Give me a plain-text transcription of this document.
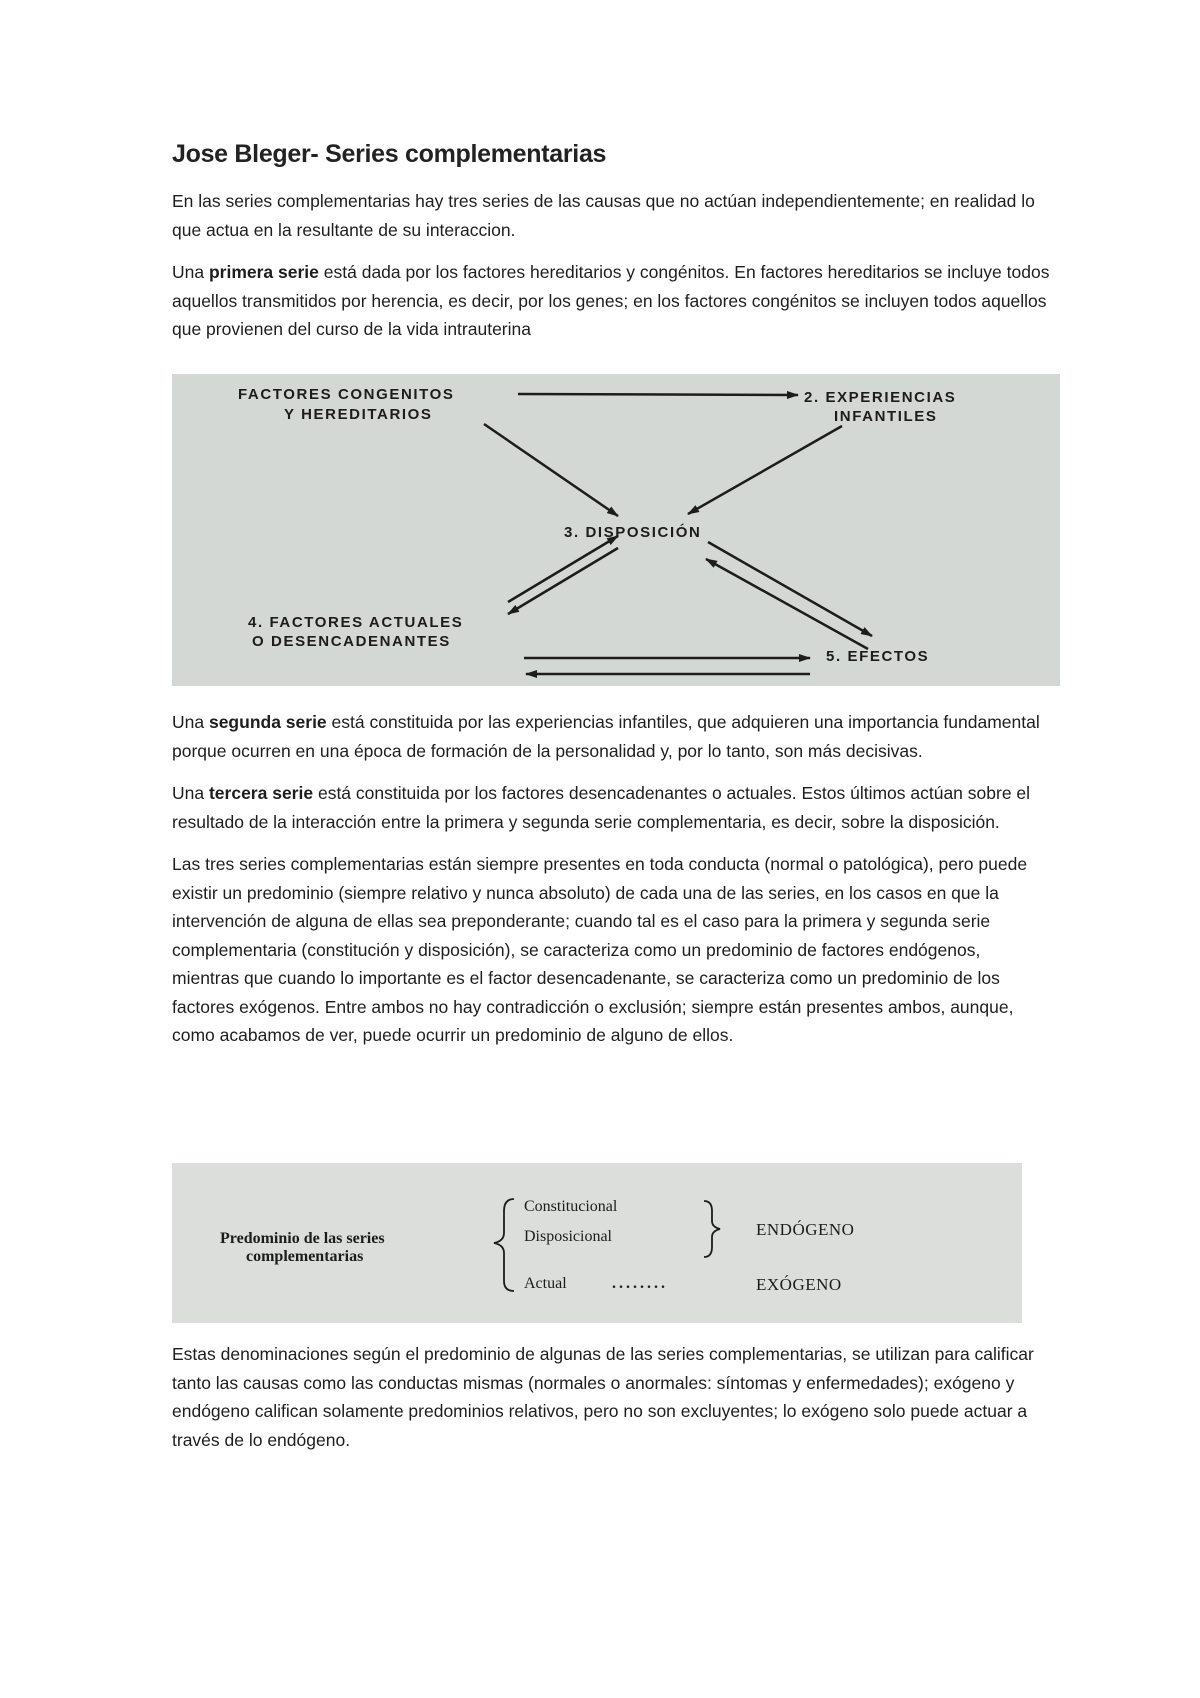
Jose Bleger- Series complementarias

En las series complementarias hay tres series de las causas que no actúan independientemente; en realidad lo que actua en la resultante de su interaccion.

Una primera serie está dada por los factores hereditarios y congénitos. En factores hereditarios se incluye todos aquellos transmitidos por herencia, es decir, por los genes; en los factores congénitos se incluyen todos aquellos que provienen del curso de la vida intrauterina

FACTORES CONGENITOS
Y HEREDITARIOS
2. EXPERIENCIAS
INFANTILES
3. DISPOSICIÓN
4. FACTORES ACTUALES
O DESENCADENANTES
5. EFECTOS

Una segunda serie está constituida por las experiencias infantiles, que adquieren una importancia fundamental porque ocurren en una época de formación de la personalidad y, por lo tanto, son más decisivas.

Una tercera serie está constituida por los factores desencadenantes o actuales. Estos últimos actúan sobre el resultado de la interacción entre la primera y segunda serie complementaria, es decir, sobre la disposición.

Las tres series complementarias están siempre presentes en toda conducta (normal o patológica), pero puede existir un predominio (siempre relativo y nunca absoluto) de cada una de las series, en los casos en que la intervención de alguna de ellas sea preponderante; cuando tal es el caso para la primera y segunda serie complementaria (constitución y disposición), se caracteriza como un predominio de factores endógenos, mientras que cuando lo importante es el factor desencadenante, se caracteriza como un predominio de los factores exógenos. Entre ambos no hay contradicción o exclusión; siempre están presentes ambos, aunque, como acabamos de ver, puede ocurrir un predominio de alguno de ellos.

Predominio de las series
complementarias
Constitucional
Disposicional
Actual	........
ENDÓGENO
EXÓGENO

Estas denominaciones según el predominio de algunas de las series complementarias, se utilizan para calificar tanto las causas como las conductas mismas (normales o anormales: síntomas y enfermedades); exógeno y endógeno califican solamente predominios relativos, pero no son excluyentes; lo exógeno solo puede actuar a través de lo endógeno.
